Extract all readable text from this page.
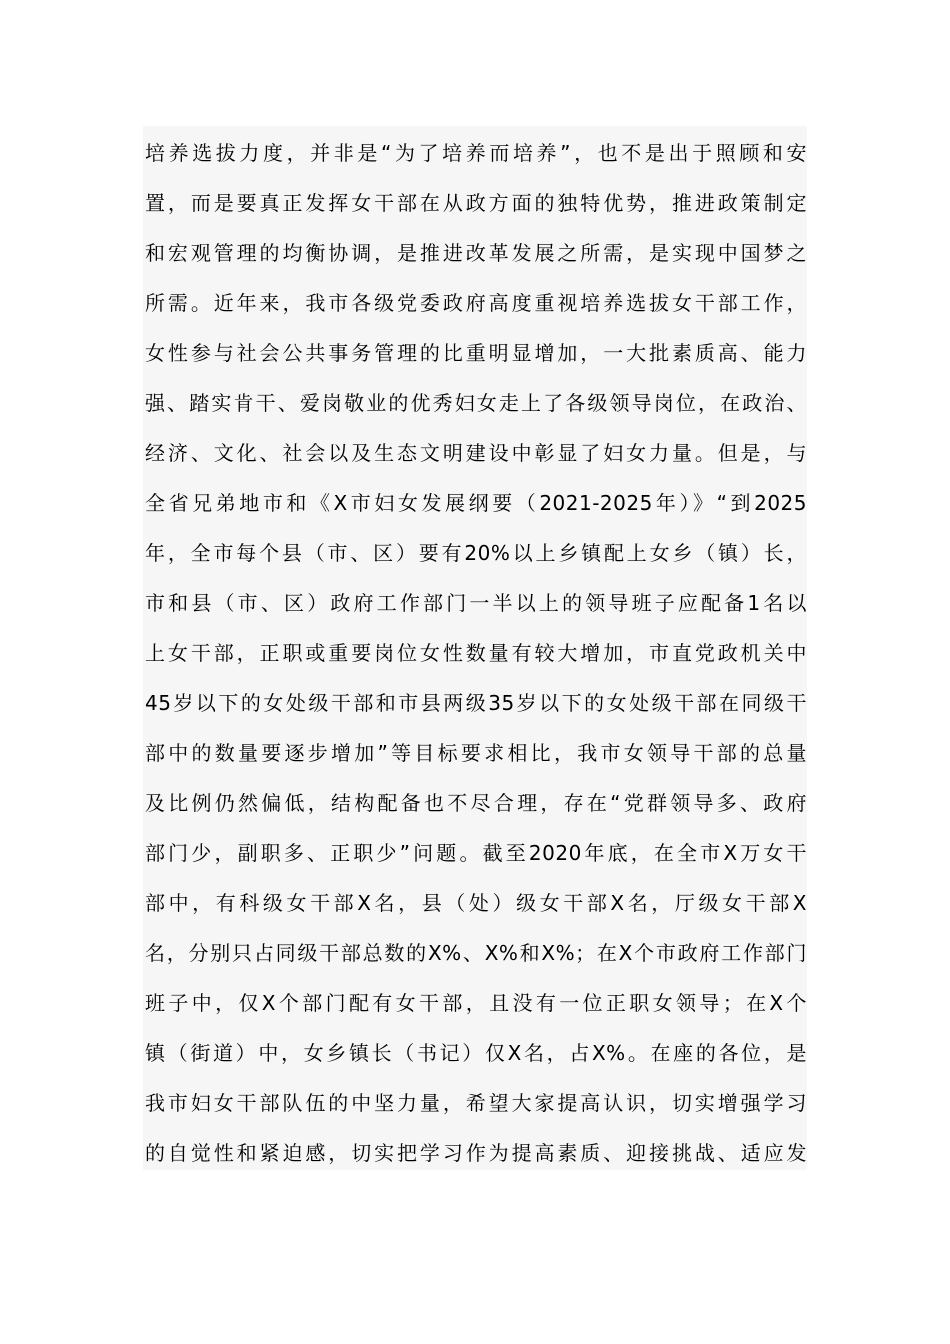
培养选拔力度，并非是“为了培养而培养”，也不是出于照顾和安
置，而是要真正发挥女干部在从政方面的独特优势，推进政策制定
和宏观管理的均衡协调，是推进改革发展之所需，是实现中国梦之
所需。近年来，我市各级党委政府高度重视培养选拔女干部工作，
女性参与社会公共事务管理的比重明显增加，一大批素质高、能力
强、踏实肯干、爱岗敬业的优秀妇女走上了各级领导岗位，在政治、
经济、文化、社会以及生态文明建设中彰显了妇女力量。但是，与
全省兄弟地市和《X市妇女发展纲要（2021-2025年）》“到2025
年，全市每个县（市、区）要有20%以上乡镇配上女乡（镇）长，
市和县（市、区）政府工作部门一半以上的领导班子应配备1名以
上女干部，正职或重要岗位女性数量有较大增加，市直党政机关中
45岁以下的女处级干部和市县两级35岁以下的女处级干部在同级干
部中的数量要逐步增加”等目标要求相比，我市女领导干部的总量
及比例仍然偏低，结构配备也不尽合理，存在“党群领导多、政府
部门少，副职多、正职少”问题。截至2020年底，在全市X万女干
部中，有科级女干部X名，县（处）级女干部X名，厅级女干部X
名，分别只占同级干部总数的X%、X%和X%；在X个市政府工作部门
班子中，仅X个部门配有女干部，且没有一位正职女领导；在X个
镇（街道）中，女乡镇长（书记）仅X名，占X%。在座的各位，是
我市妇女干部队伍的中坚力量，希望大家提高认识，切实增强学习
的自觉性和紧迫感，切实把学习作为提高素质、迎接挑战、适应发
